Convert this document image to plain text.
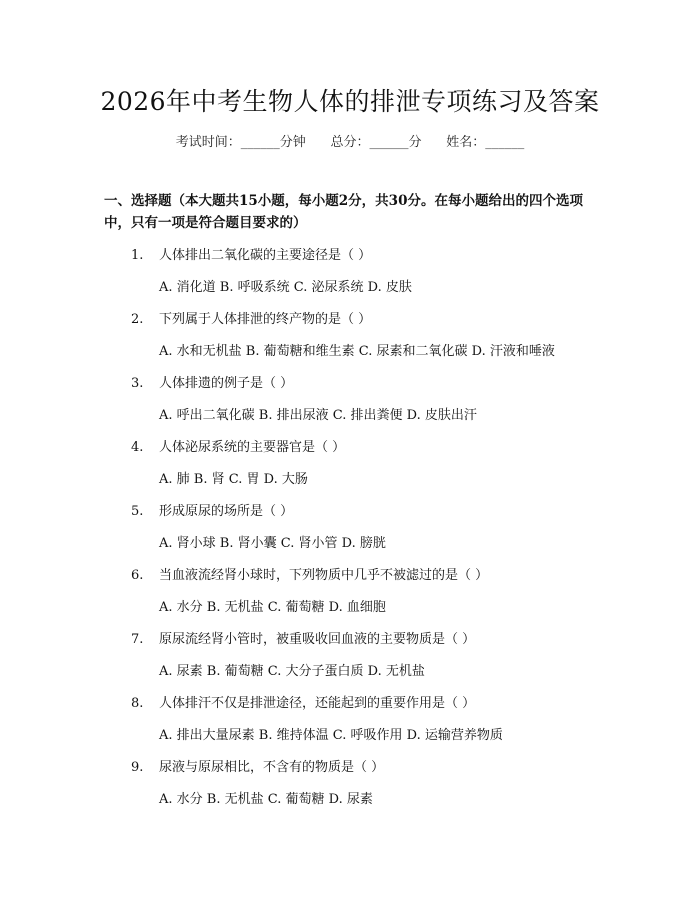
2026年中考生物人体的排泄专项练习及答案
考试时间：______分钟      总分：______分      姓名：______
一、选择题（本大题共15小题，每小题2分，共30分。在每小题给出的四个选项中，只有一项是符合题目要求的）
1. 人体排出二氧化碳的主要途径是（ ）
A. 消化道 B. 呼吸系统 C. 泌尿系统 D. 皮肤
2. 下列属于人体排泄的终产物的是（ ）
A. 水和无机盐 B. 葡萄糖和维生素 C. 尿素和二氧化碳 D. 汗液和唾液
3. 人体排遗的例子是（ ）
A. 呼出二氧化碳 B. 排出尿液 C. 排出粪便 D. 皮肤出汗
4. 人体泌尿系统的主要器官是（ ）
A. 肺 B. 肾 C. 胃 D. 大肠
5. 形成原尿的场所是（ ）
A. 肾小球 B. 肾小囊 C. 肾小管 D. 膀胱
6. 当血液流经肾小球时，下列物质中几乎不被滤过的是（ ）
A. 水分 B. 无机盐 C. 葡萄糖 D. 血细胞
7. 原尿流经肾小管时，被重吸收回血液的主要物质是（ ）
A. 尿素 B. 葡萄糖 C. 大分子蛋白质 D. 无机盐
8. 人体排汗不仅是排泄途径，还能起到的重要作用是（ ）
A. 排出大量尿素 B. 维持体温 C. 呼吸作用 D. 运输营养物质
9. 尿液与原尿相比，不含有的物质是（ ）
A. 水分 B. 无机盐 C. 葡萄糖 D. 尿素
